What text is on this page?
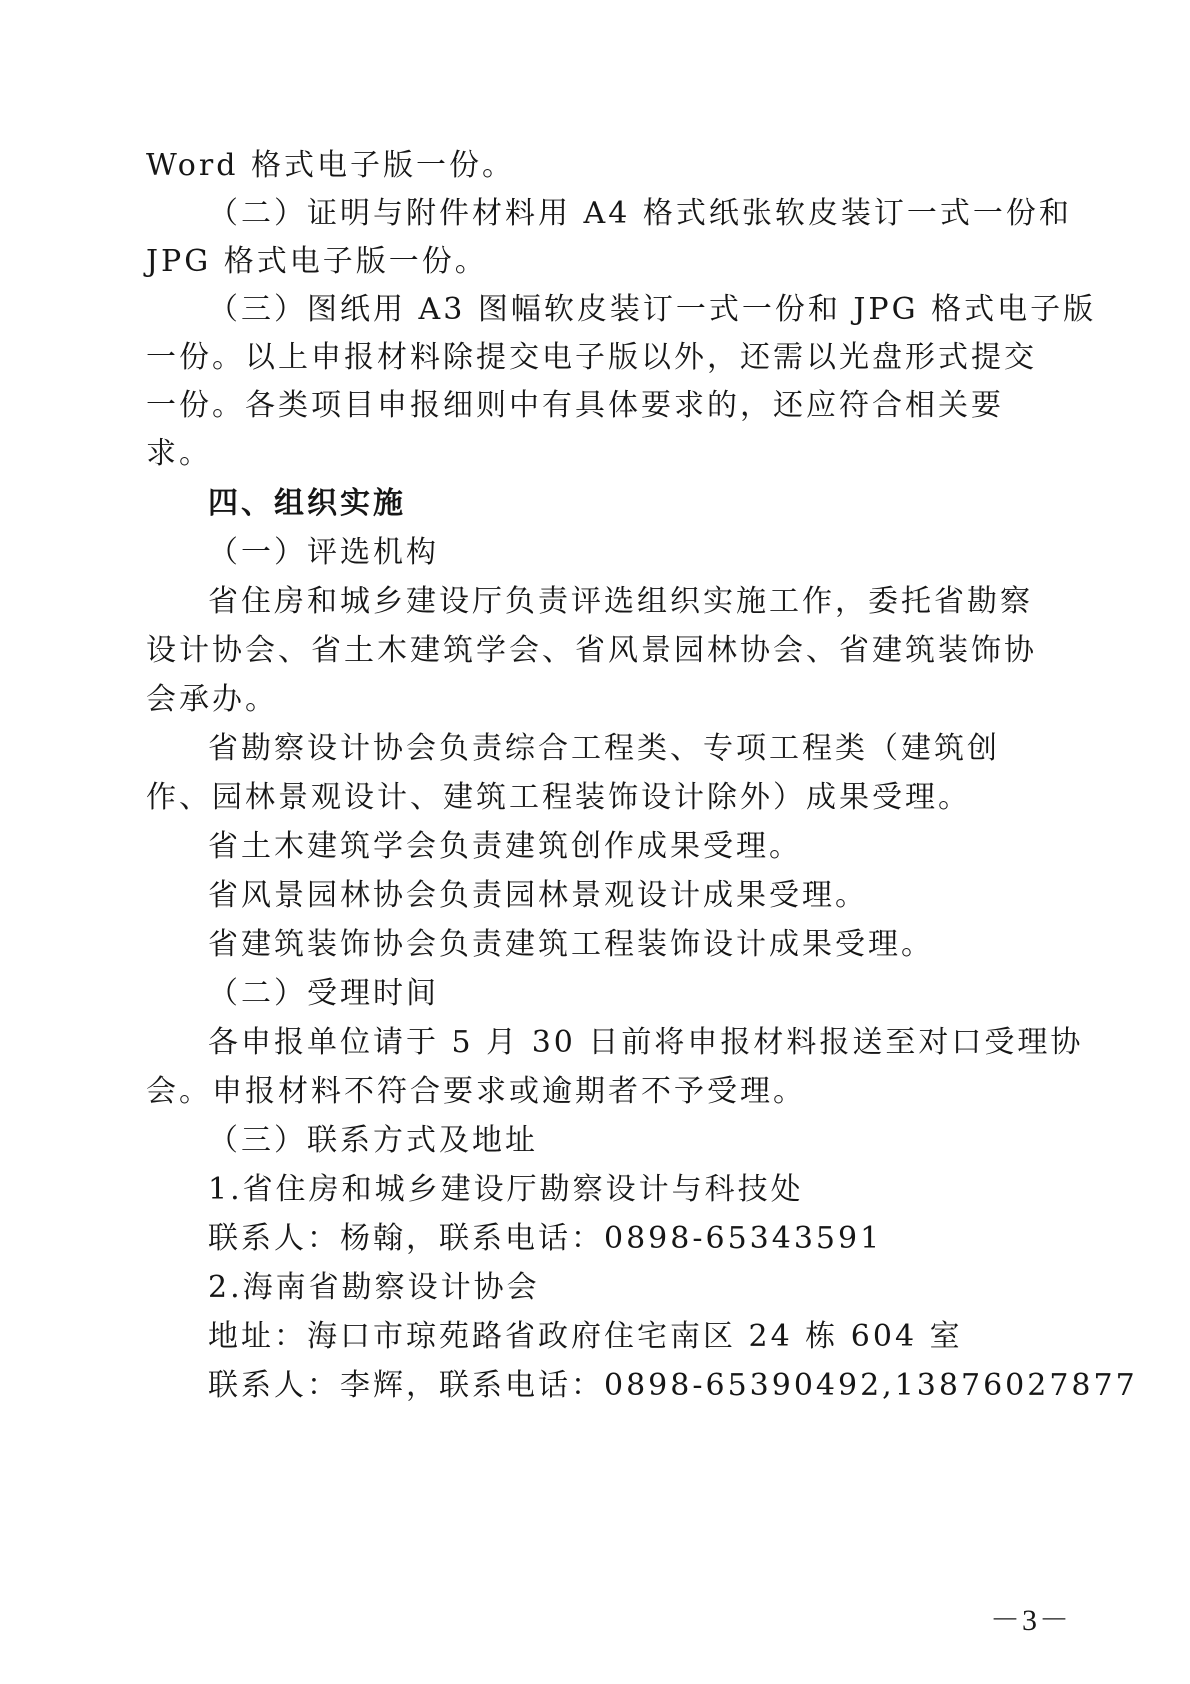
Word 格式电子版一份。
（二）证明与附件材料用 A4 格式纸张软皮装订一式一份和
JPG 格式电子版一份。
（三）图纸用 A3 图幅软皮装订一式一份和 JPG 格式电子版
一份。以上申报材料除提交电子版以外，还需以光盘形式提交
一份。各类项目申报细则中有具体要求的，还应符合相关要
求。
四、组织实施
（一）评选机构
省住房和城乡建设厅负责评选组织实施工作，委托省勘察
设计协会、省土木建筑学会、省风景园林协会、省建筑装饰协
会承办。
省勘察设计协会负责综合工程类、专项工程类（建筑创
作、园林景观设计、建筑工程装饰设计除外）成果受理。
省土木建筑学会负责建筑创作成果受理。
省风景园林协会负责园林景观设计成果受理。
省建筑装饰协会负责建筑工程装饰设计成果受理。
（二）受理时间
各申报单位请于 5 月 30 日前将申报材料报送至对口受理协
会。申报材料不符合要求或逾期者不予受理。
（三）联系方式及地址
1.省住房和城乡建设厅勘察设计与科技处
联系人：杨翰，联系电话：0898-65343591
2.海南省勘察设计协会
地址：海口市琼苑路省政府住宅南区 24 栋 604 室
联系人：李辉，联系电话：0898-65390492,13876027877
－3－
